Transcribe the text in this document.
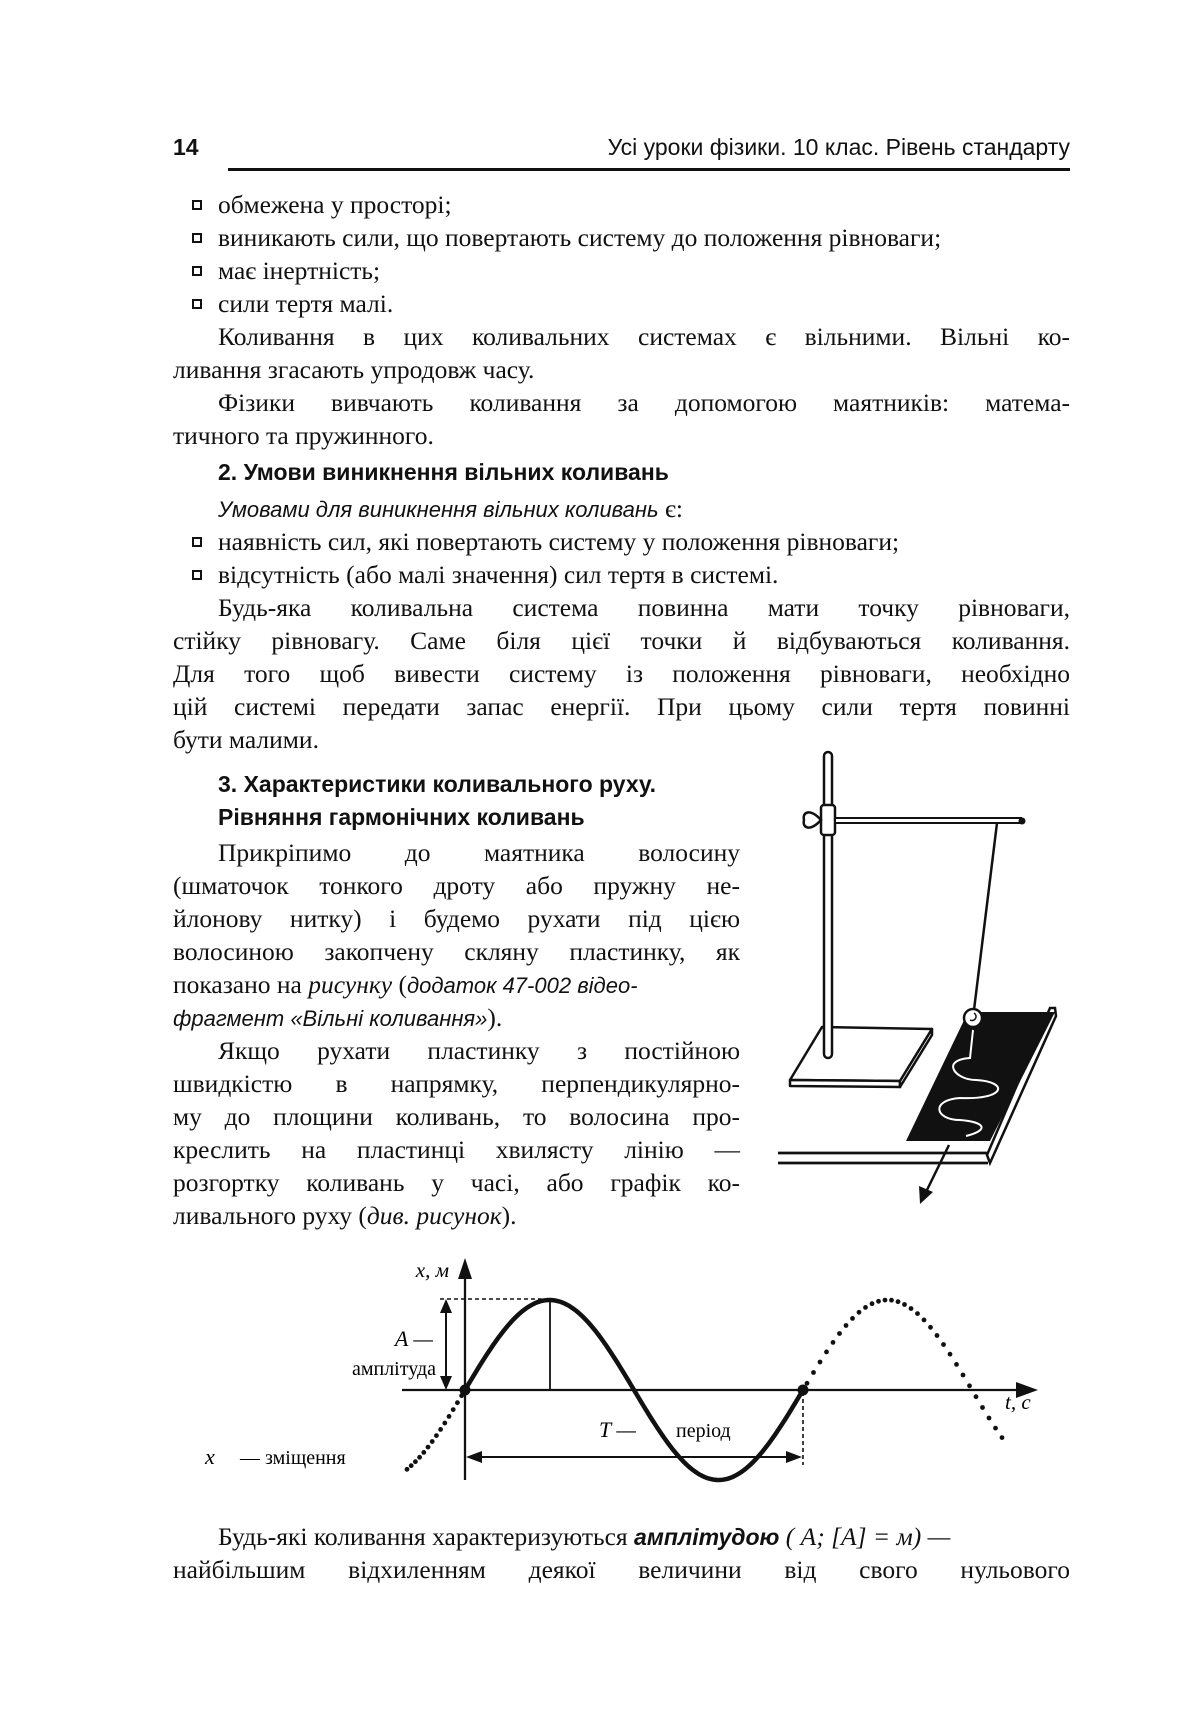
14	Усі уроки фізики. 10 клас. Рівень стандарту
обмежена у просторі;
виникають сили, що повертають систему до положення рівноваги;
має інертність;
сили тертя малі.
Коливання в цих коливальних системах є вільними. Вільні ко-
ливання згасають упродовж часу.
Фізики вивчають коливання за допомогою маятників: матема-
тичного та пружинного.
2. Умови виникнення вільних коливань
Умовами для виникнення вільних коливань є:
наявність сил, які повертають систему у положення рівноваги;
відсутність (або малі значення) сил тертя в системі.
Будь-яка коливальна система повинна мати точку рівноваги,
стійку рівновагу. Саме біля цієї точки й відбуваються коливання.
Для того щоб вивести систему із положення рівноваги, необхідно
цій системі передати запас енергії. При цьому сили тертя повинні
бути малими.
3. Характеристики коливального руху.
Рівняння гармонічних коливань
Прикріпимо до маятника волосину
(шматочок тонкого дроту або пружну не-
йлонову нитку) і будемо рухати під цією
волосиною закопчену скляну пластинку, як
показано на рисунку (додаток 47-002 відео-
фрагмент «Вільні коливання»).
Якщо рухати пластинку з постійною
швидкістю в напрямку, перпендикулярно-
му до площини коливань, то волосина про-
креслить на пластинці хвилясту лінію —
розгортку коливань у часі, або графік ко-
ливального руху (див. рисунок).
x, м
t, с
A —
амплітуда
T — період
x — зміщення
Будь-які коливання характеризуються амплітудою ( A; [A] = м) —
найбільшим відхиленням деякої величини від свого нульового
